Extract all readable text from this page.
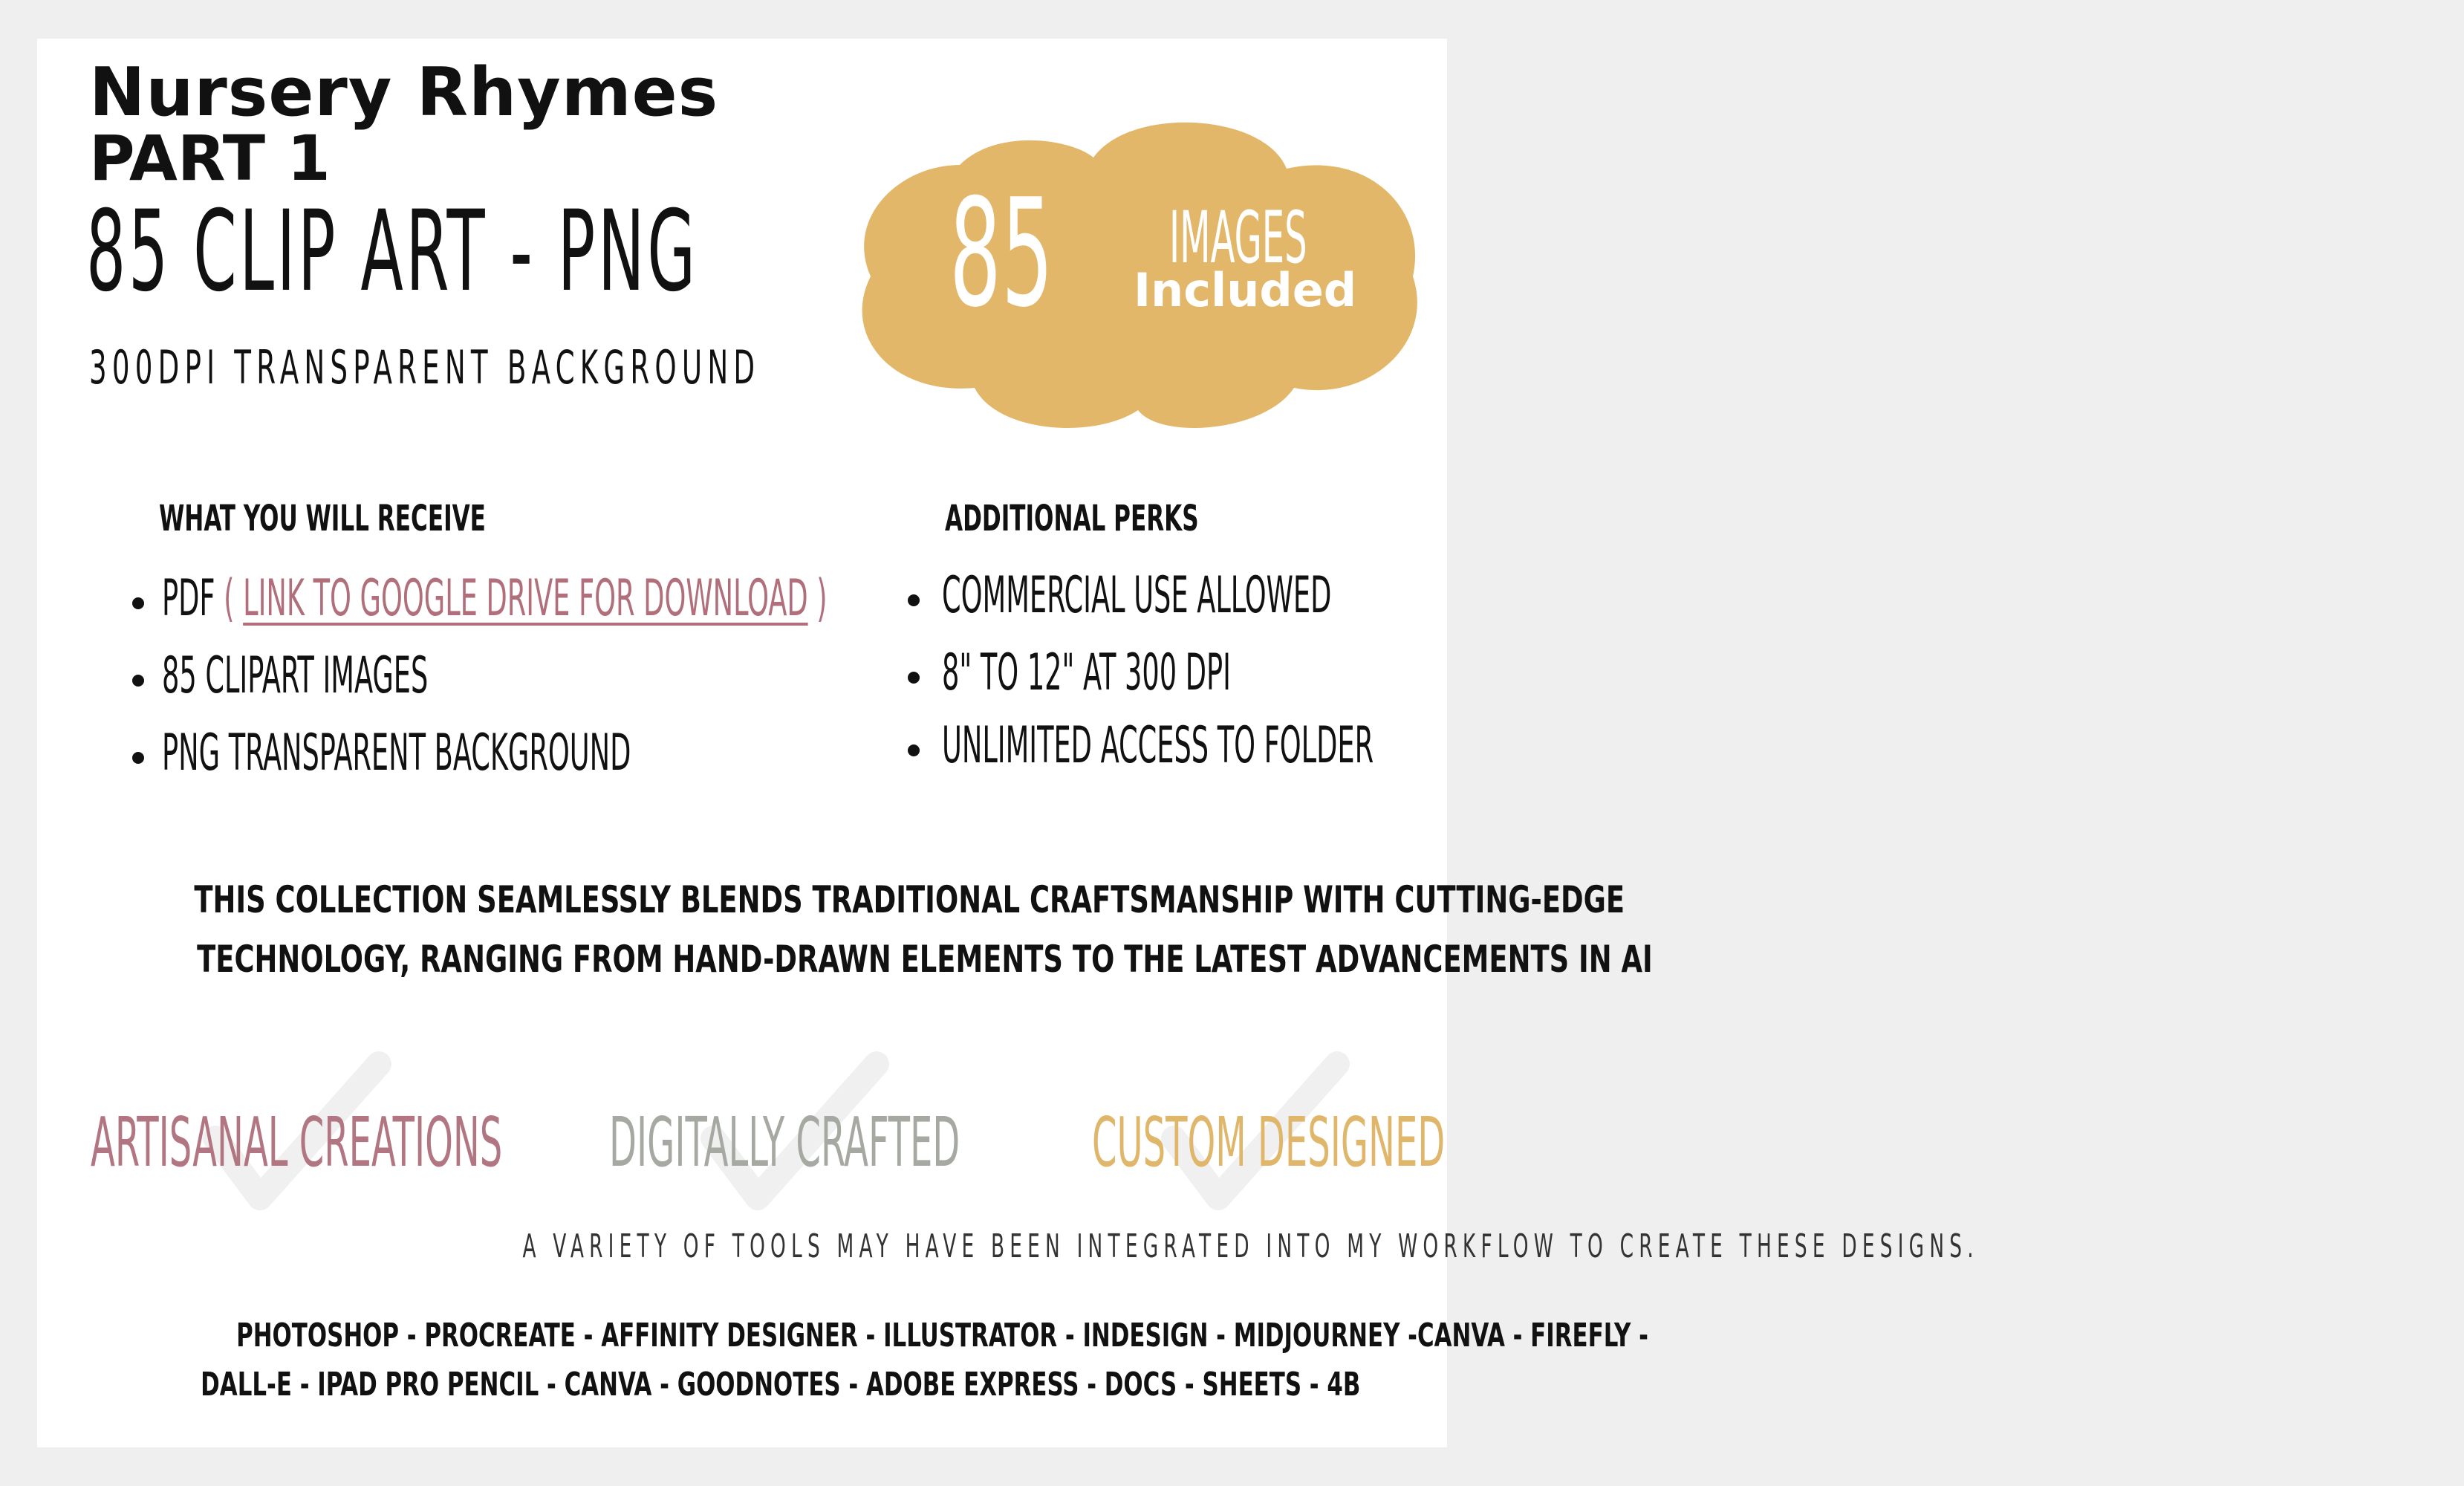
Nursery Rhymes
PART 1
85 CLIP ART - PNG
300DPI TRANSPARENT BACKGROUND
85 IMAGES
Included
WHAT YOU WILL RECEIVE
PDF ( LINK TO GOOGLE DRIVE FOR DOWNLOAD )
85 CLIPART IMAGES
PNG TRANSPARENT BACKGROUND
ADDITIONAL PERKS
COMMERCIAL USE ALLOWED
8" TO 12" AT 300 DPI
UNLIMITED ACCESS TO FOLDER
THIS COLLECTION SEAMLESSLY BLENDS TRADITIONAL CRAFTSMANSHIP WITH CUTTING-EDGE
TECHNOLOGY, RANGING FROM HAND-DRAWN ELEMENTS TO THE LATEST ADVANCEMENTS IN AI
ARTISANAL CREATIONS DIGITALLY CRAFTED CUSTOM DESIGNED
A VARIETY OF TOOLS MAY HAVE BEEN INTEGRATED INTO MY WORKFLOW TO CREATE THESE DESIGNS.
PHOTOSHOP - PROCREATE - AFFINITY DESIGNER - ILLUSTRATOR - INDESIGN - MIDJOURNEY -CANVA - FIREFLY -
DALL-E - IPAD PRO PENCIL - CANVA - GOODNOTES - ADOBE EXPRESS - DOCS - SHEETS - 4B
